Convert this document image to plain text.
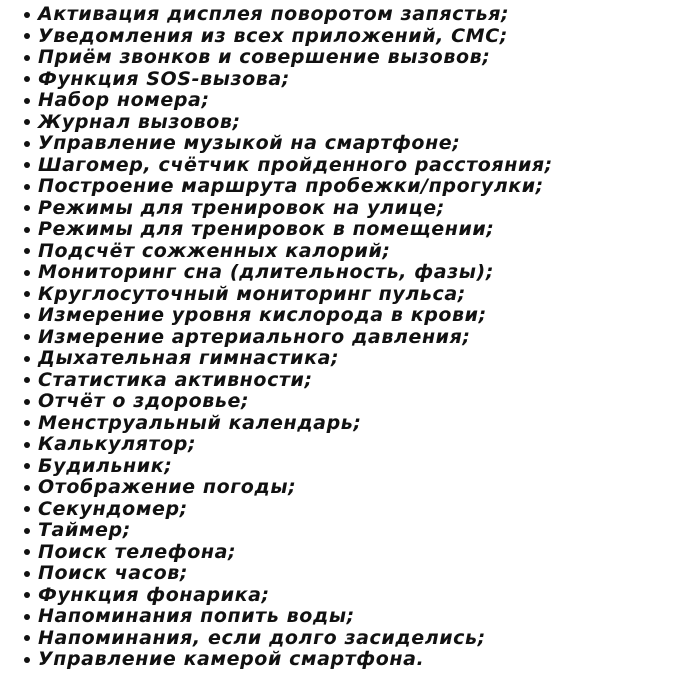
Активация дисплея поворотом запястья;
Уведомления из всех приложений, СМС;
Приём звонков и совершение вызовов;
Функция SOS-вызова;
Набор номера;
Журнал вызовов;
Управление музыкой на смартфоне;
Шагомер, счётчик пройденного расстояния;
Построение маршрута пробежки/прогулки;
Режимы для тренировок на улице;
Режимы для тренировок в помещении;
Подсчёт сожженных калорий;
Мониторинг сна (длительность, фазы);
Круглосуточный мониторинг пульса;
Измерение уровня кислорода в крови;
Измерение артериального давления;
Дыхательная гимнастика;
Статистика активности;
Отчёт о здоровье;
Менструальный календарь;
Калькулятор;
Будильник;
Отображение погоды;
Секундомер;
Таймер;
Поиск телефона;
Поиск часов;
Функция фонарика;
Напоминания попить воды;
Напоминания, если долго засиделись;
Управление камерой смартфона.
